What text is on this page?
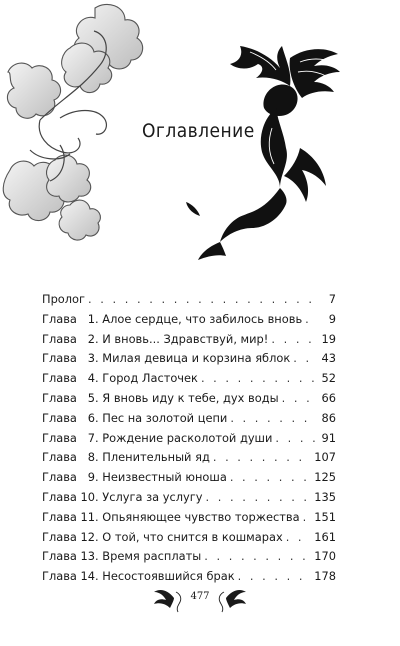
Оглавление
Пролог . . .	7
Глава 1. Алое сердце, что забилось вновь . . .	9
Глава 2. И вновь... Здравствуй, мир! . . .	19
Глава 3. Милая девица и корзина яблок . . .	43
Глава 4. Город Ласточек . . .	52
Глава 5. Я вновь иду к тебе, дух воды . . .	66
Глава 6. Пес на золотой цепи . . .	86
Глава 7. Рождение расколотой души . . .	91
Глава 8. Пленительный яд . . .	107
Глава 9. Неизвестный юноша . . .	125
Глава 10. Услуга за услугу . . .	135
Глава 11. Опьяняющее чувство торжества . . . 151
Глава 12. О той, что снится в кошмарах . . .	161
Глава 13. Время расплаты . . .	170
Глава 14. Несостоявшийся брак . . .	178
477
